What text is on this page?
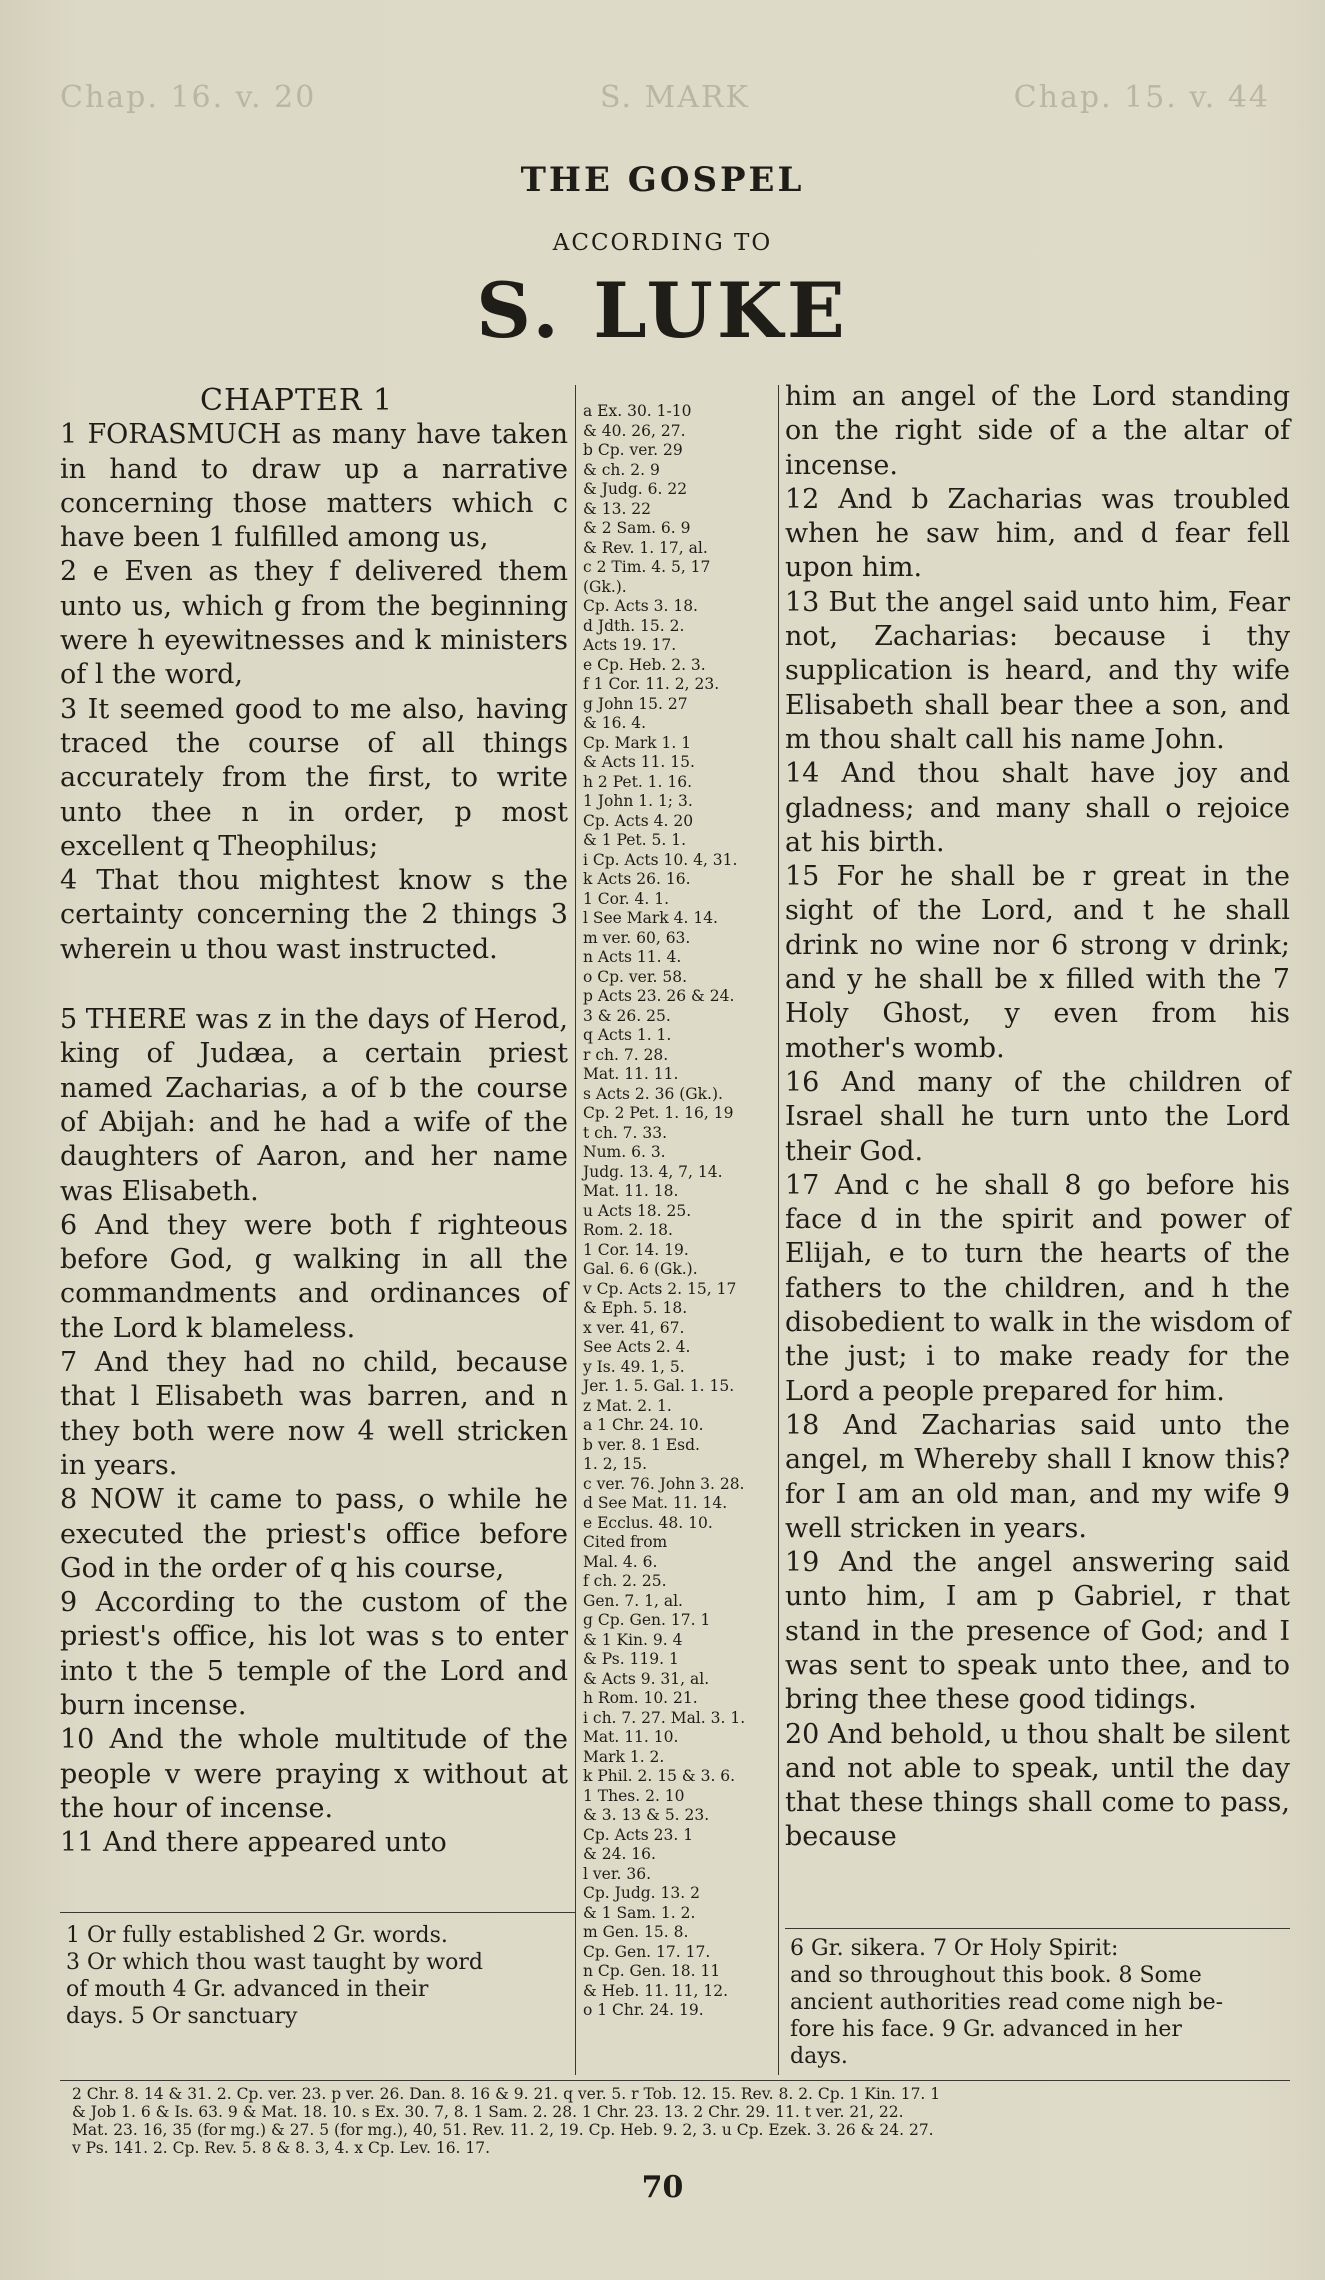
Chap. 16. v. 20	S. MARK	Chap. 15. v. 44
THE GOSPEL
ACCORDING TO
S. LUKE
CHAPTER 1

1 FORASMUCH as many have taken in hand to draw up a narrative concerning those matters which c have been 1 fulfilled among us,

2 e Even as they f delivered them unto us, which g from the beginning were h eyewitnesses and k ministers of l the word,

3 It seemed good to me also, having traced the course of all things accurately from the first, to write unto thee n in order, p most excellent q Theophilus;

4 That thou mightest know s the certainty concerning the 2 things 3 wherein u thou wast instructed.

5 THERE was z in the days of Herod, king of Judæa, a certain priest named Zacharias, a of b the course of Abijah: and he had a wife of the daughters of Aaron, and her name was Elisabeth.

6 And they were both f righteous before God, g walking in all the commandments and ordinances of the Lord k blameless.

7 And they had no child, because that l Elisabeth was barren, and n they both were now 4 well stricken in years.

8 NOW it came to pass, o while he executed the priest's office before God in the order of q his course,

9 According to the custom of the priest's office, his lot was s to enter into t the 5 temple of the Lord and burn incense.

10 And the whole multitude of the people v were praying x without at the hour of incense.

11 And there appeared unto

a Ex. 30. 1-10
& 40. 26, 27.
b Cp. ver. 29
& ch. 2. 9
& Judg. 6. 22
& 13. 22
& 2 Sam. 6. 9
& Rev. 1. 17, al.
c 2 Tim. 4. 5, 17
(Gk.).
Cp. Acts 3. 18.
d Jdth. 15. 2.
Acts 19. 17.
e Cp. Heb. 2. 3.
f 1 Cor. 11. 2, 23.
g John 15. 27
& 16. 4.
Cp. Mark 1. 1
& Acts 11. 15.
h 2 Pet. 1. 16.
1 John 1. 1; 3.
Cp. Acts 4. 20
& 1 Pet. 5. 1.
i Cp. Acts 10. 4, 31.
k Acts 26. 16.
1 Cor. 4. 1.
l See Mark 4. 14.
m ver. 60, 63.
n Acts 11. 4.
o Cp. ver. 58.
p Acts 23. 26 & 24.
3 & 26. 25.
q Acts 1. 1.
r ch. 7. 28.
Mat. 11. 11.
s Acts 2. 36 (Gk.).
Cp. 2 Pet. 1. 16, 19
t ch. 7. 33.
Num. 6. 3.
Judg. 13. 4, 7, 14.
Mat. 11. 18.
u Acts 18. 25.
Rom. 2. 18.
1 Cor. 14. 19.
Gal. 6. 6 (Gk.).
v Cp. Acts 2. 15, 17
& Eph. 5. 18.
x ver. 41, 67.
See Acts 2. 4.
y Is. 49. 1, 5.
Jer. 1. 5. Gal. 1. 15.
z Mat. 2. 1.
a 1 Chr. 24. 10.
b ver. 8. 1 Esd.
1. 2, 15.
c ver. 76. John 3. 28.
d See Mat. 11. 14.
e Ecclus. 48. 10.
Cited from
Mal. 4. 6.
f ch. 2. 25.
Gen. 7. 1, al.
g Cp. Gen. 17. 1
& 1 Kin. 9. 4
& Ps. 119. 1
& Acts 9. 31, al.
h Rom. 10. 21.
i ch. 7. 27. Mal. 3. 1.
Mat. 11. 10.
Mark 1. 2.
k Phil. 2. 15 & 3. 6.
1 Thes. 2. 10
& 3. 13 & 5. 23.
Cp. Acts 23. 1
& 24. 16.
l ver. 36.
Cp. Judg. 13. 2
& 1 Sam. 1. 2.
m Gen. 15. 8.
Cp. Gen. 17. 17.
n Cp. Gen. 18. 11
& Heb. 11. 11, 12.
o 1 Chr. 24. 19.

him an angel of the Lord standing on the right side of a the altar of incense.

12 And b Zacharias was troubled when he saw him, and d fear fell upon him.

13 But the angel said unto him, Fear not, Zacharias: because i thy supplication is heard, and thy wife Elisabeth shall bear thee a son, and m thou shalt call his name John.

14 And thou shalt have joy and gladness; and many shall o rejoice at his birth.

15 For he shall be r great in the sight of the Lord, and t he shall drink no wine nor 6 strong v drink; and y he shall be x filled with the 7 Holy Ghost, y even from his mother's womb.

16 And many of the children of Israel shall he turn unto the Lord their God.

17 And c he shall 8 go before his face d in the spirit and power of Elijah, e to turn the hearts of the fathers to the children, and h the disobedient to walk in the wisdom of the just; i to make ready for the Lord a people prepared for him.

18 And Zacharias said unto the angel, m Whereby shall I know this? for I am an old man, and my wife 9 well stricken in years.

19 And the angel answering said unto him, I am p Gabriel, r that stand in the presence of God; and I was sent to speak unto thee, and to bring thee these good tidings.

20 And behold, u thou shalt be silent and not able to speak, until the day that these things shall come to pass, because

1 Or fully established 2 Gr. words.

3 Or which thou wast taught by word

of mouth 4 Gr. advanced in their

days. 5 Or sanctuary

6 Gr. sikera. 7 Or Holy Spirit:

and so throughout this book. 8 Some

ancient authorities read come nigh be-

fore his face. 9 Gr. advanced in her

days.

2 Chr. 8. 14 & 31. 2. Cp. ver. 23. p ver. 26. Dan. 8. 16 & 9. 21. q ver. 5. r Tob. 12. 15. Rev. 8. 2. Cp. 1 Kin. 17. 1
& Job 1. 6 & Is. 63. 9 & Mat. 18. 10. s Ex. 30. 7, 8. 1 Sam. 2. 28. 1 Chr. 23. 13. 2 Chr. 29. 11. t ver. 21, 22.
Mat. 23. 16, 35 (for mg.) & 27. 5 (for mg.), 40, 51. Rev. 11. 2, 19. Cp. Heb. 9. 2, 3. u Cp. Ezek. 3. 26 & 24. 27.
v Ps. 141. 2. Cp. Rev. 5. 8 & 8. 3, 4. x Cp. Lev. 16. 17.
70
